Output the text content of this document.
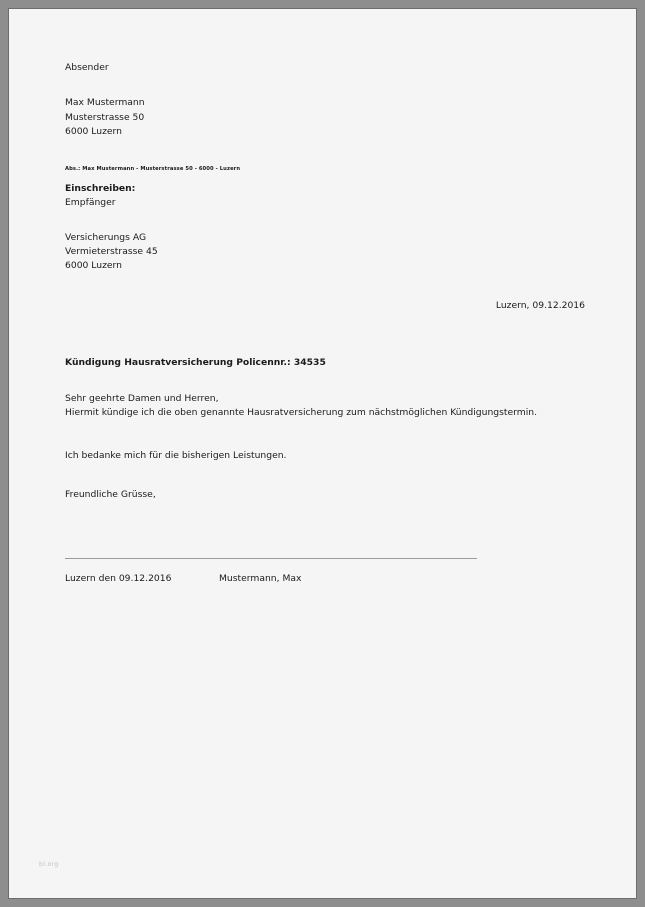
Absender
Max Mustermann
Musterstrasse 50
6000 Luzern
Abs.: Max Mustermann - Musterstrasse 50 - 6000 - Luzern
Einschreiben:
Empfänger
Versicherungs AG
Vermieterstrasse 45
6000 Luzern
Luzern, 09.12.2016
Kündigung Hausratversicherung Policennr.: 34535
Sehr geehrte Damen und Herren,
Hiermit kündige ich die oben genannte Hausratversicherung zum nächstmöglichen Kündigungstermin.
Ich bedanke mich für die bisherigen Leistungen.
Freundliche Grüsse,
Luzern den 09.12.2016	Mustermann, Max
bl.org
